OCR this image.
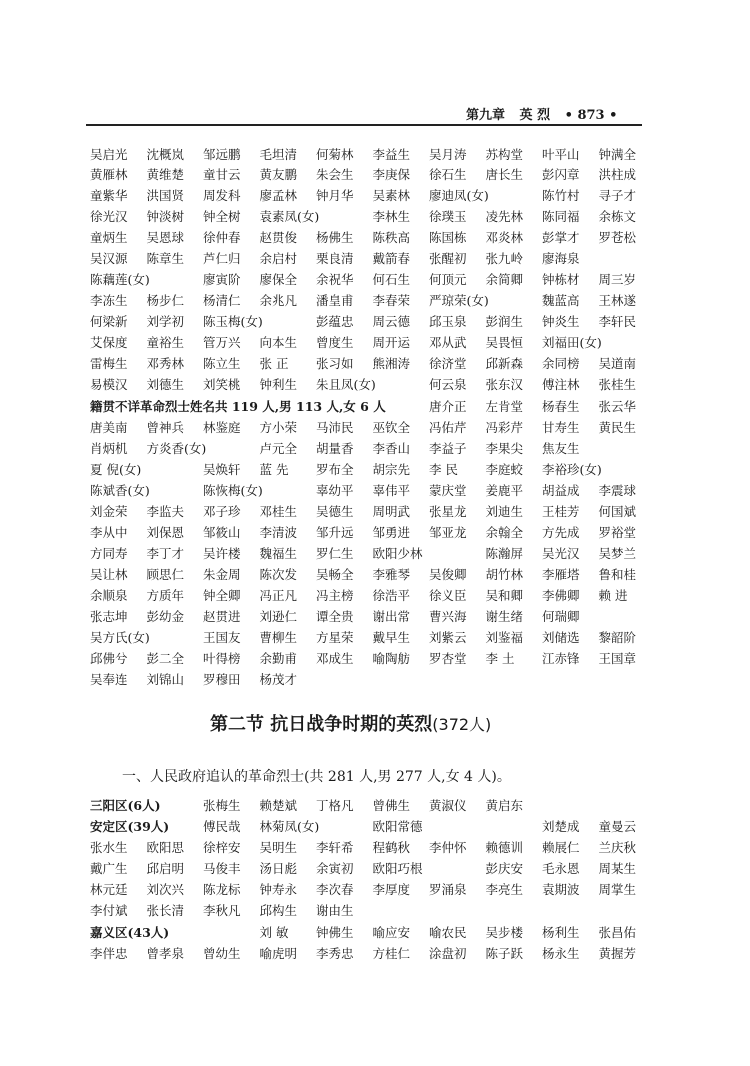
第九章 英 烈 • 873 •
吴启光 沈概岚 邹远鹏 毛坦清 何菊林 李益生 吴月涛 苏构堂 叶平山 钟满全
黄雁林 黄维楚 童甘云 黄友鹏 朱会生 李庚保 徐石生 唐长生 彭闪章 洪柱成
童紫华 洪国贤 周发科 廖孟林 钟月华 吴素林 廖迪凤(女)	陈竹村 寻子才
徐光汉 钟淡树 钟全树 袁素凤(女)	李林生 徐璞玉 凌先林 陈同福 余栋文
童炳生 吴恩球 徐仲春 赵贯俊 杨佛生 陈秩高 陈国栋 邓炎林 彭掌才 罗苍松
吴汉源 陈章生 芦仁归 余启村 栗良清 戴箭春 张醒初 张九岭 廖海泉
陈藕莲(女)	廖寅阶 廖保全 余祝华 何石生 何顶元 余简卿 钟栋材 周三岁
李冻生 杨步仁 杨清仁 余兆凡 潘皇甫 李春荣 严琼荣(女)	魏蓝高 王林遂
何梁新 刘学初 陈玉梅(女)	彭蕴忠 周云德 邱玉泉 彭润生 钟炎生 李轩民
艾保度 童裕生 管万兴 向本生 曾度生 周开运 邓从武 吴畏恒 刘福田(女)
雷梅生 邓秀林 陈立生 张 正 张习如 熊湘涛 徐济堂 邱新森 余同榜 吴道南
易模汉 刘德生 刘笑桃 钟利生 朱且凤(女)	何云泉 张东汉 傅注林 张桂生
籍贯不详革命烈士姓名共 119 人,男 113 人,女 6 人	唐介正 左肯堂 杨春生 张云华
唐美南 曾神兵 林鉴庭 方小荣 马沛民 巫钦全 冯佑芹 冯彩芹 甘寿生 黄民生
肖炳机 方炎香(女)	卢元全 胡量香 李香山 李益子 李果尖 焦友生
夏 倪(女)	吴焕轩 蓝 先 罗布全 胡宗先 李 民 李庭蛟 李裕珍(女)
陈斌香(女)	陈恢梅(女)	辜幼平 辜伟平 蒙庆堂 姜鹿平 胡益成 李震球
刘金荣 李监夫 邓子珍 邓桂生 吴德生 周明武 张星龙 刘迪生 王桂芳 何国斌
李从中 刘保恩 邹筱山 李清波 邹升远 邹勇进 邹亚龙 余翰全 方先成 罗裕堂
方同寿 李丁才 吴许楼 魏福生 罗仁生 欧阳少林	陈瀚屏 吴光汉 吴梦兰
吴让林 顾思仁 朱金周 陈次发 吴畅全 李雅琴 吴俊卿 胡竹林 李雁塔 鲁和桂
余顺泉 方质年 钟全卿 冯正凡 冯主榜 徐浩平 徐义臣 吴和卿 李佛卿 赖 进
张志坤 彭幼金 赵贯进 刘逊仁 谭全贵 谢出常 曹兴海 谢生绪 何瑞卿
吴方氏(女)	王国友 曹柳生 方星荣 戴早生 刘紫云 刘鉴福 刘储选 黎韶阶
邱佛兮 彭二全 叶得榜 余勤甫 邓成生 喻陶舫 罗杏堂 李 土 江赤锋 王国章
吴奉连 刘锦山 罗穆田 杨茂才
三阳区(6人)	张梅生 赖楚斌 丁格凡 曾佛生 黄淑仪 黄启东
安定区(39人)	傅民哉 林菊凤(女)	欧阳常德	刘楚成 童曼云
张水生 欧阳思 徐梓安 吴明生 李轩希 程鹤秋 李仲怀 赖德训 赖展仁 兰庆秋
戴广生 邱启明 马俊丰 汤日彪 余寅初 欧阳巧根	彭庆安 毛永恩 周某生
林元廷 刘次兴 陈龙标 钟寿永 李次春 李厚度 罗涌泉 李亮生 袁期波 周掌生
李付斌 张长清 李秋凡 邱构生 谢由生
嘉义区(43人)	刘 敏 钟佛生 喻应安 喻农民 吴步楼 杨利生 张昌佑
李伴忠 曾孝泉 曾幼生 喻虎明 李秀忠 方桂仁 涂盘初 陈子跃 杨永生 黄握芳
第二节 抗日战争时期的英烈(372人)
一、人民政府追认的革命烈士(共 281 人,男 277 人,女 4 人)。
